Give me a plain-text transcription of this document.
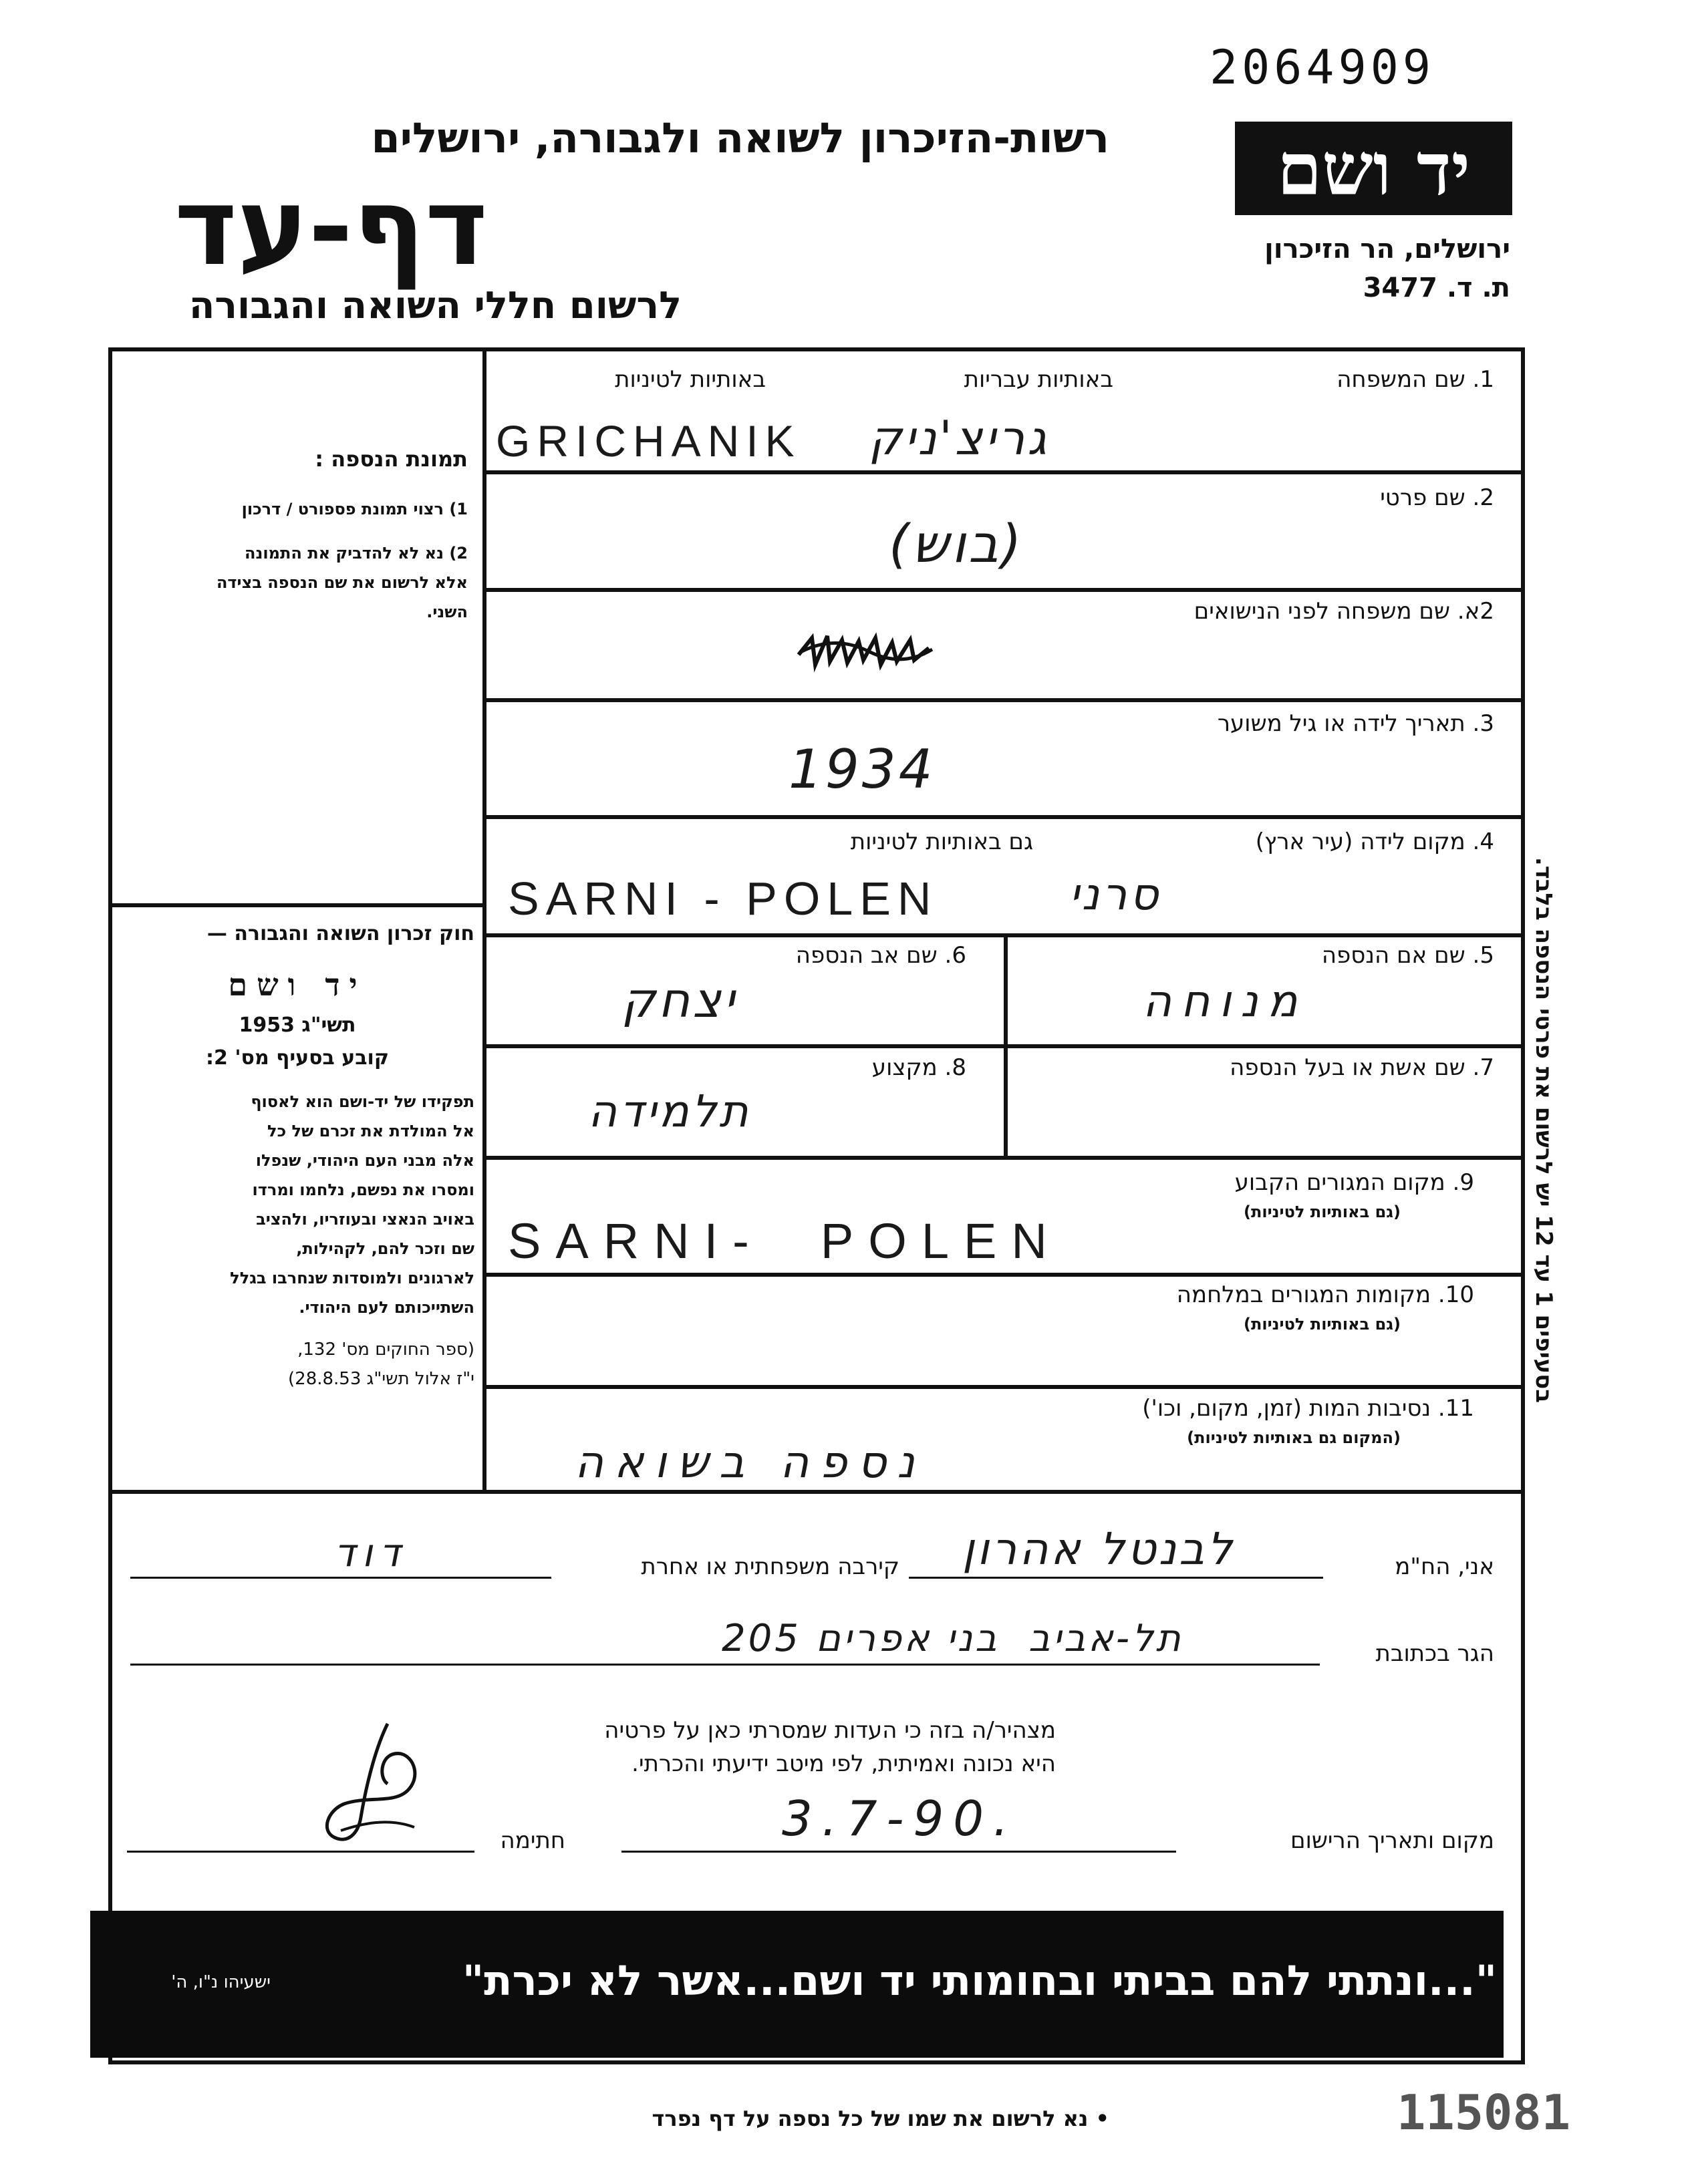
2064909
רשות-הזיכרון לשואה ולגבורה, ירושלים
דף-עד
לרשום חללי השואה והגבורה
יד ושם
ירושלים, הר הזיכרון
ת. ד. 3477
תמונת הנספה :

1) רצוי תמונת פספורט / דרכון

2) נא לא להדביק את התמונה

אלא לרשום את שם הנספה בצידה

השני.

חוק זכרון השואה והגבורה —
יד ושם
תשי"ג 1953
קובע בסעיף מס' 2:

תפקידו של יד-ושם הוא לאסוף

אל המולדת את זכרם של כל

אלה מבני העם היהודי, שנפלו

ומסרו את נפשם, נלחמו ומרדו

באויב הנאצי ובעוזריו, ולהציב

שם וזכר להם, לקהילות,

לארגונים ולמוסדות שנחרבו בגלל

השתייכותם לעם היהודי.

(ספר החוקים מס' 132,
י"ז אלול תשי"ג 28.8.53)
1. שם המשפחה
באותיות עבריות
באותיות לטיניות
GRICHANIK גריצ'ניק
2. שם פרטי
(בוש)
2א. שם משפחה לפני הנישואים
3. תאריך לידה או גיל משוער
1934
4. מקום לידה (עיר ארץ)
גם באותיות לטיניות
SARNI - POLEN	סרני
5. שם אם הנספה
מנוחה
6. שם אב הנספה
יצחק
7. שם אשת או בעל הנספה
8. מקצוע
תלמידה
9. מקום המגורים הקבוע
(גם באותיות לטיניות)
SARNI-  POLEN
10. מקומות המגורים במלחמה
(גם באותיות לטיניות)
11. נסיבות המות (זמן, מקום, וכו')
(המקום גם באותיות לטיניות)
נספה בשואה
בסעיפים 1 עד 12 יש לרשום את פרטי הנספה בלבד.
אני, הח"מ
לבנטל אהרון
קירבה משפחתית או אחרת
דוד
הגר בכתובת
תל-אביב  בני אפרים 205
מצהיר/ה בזה כי העדות שמסרתי כאן על פרטיה
היא נכונה ואמיתית, לפי מיטב ידיעתי והכרתי.
מקום ותאריך הרישום
3.7-90.
חתימה
"...ונתתי להם בביתי ובחומותי יד ושם...אשר לא יכרת"
ישעיהו נ"ו, ה'
• נא לרשום את שמו של כל נספה על דף נפרד	115081
